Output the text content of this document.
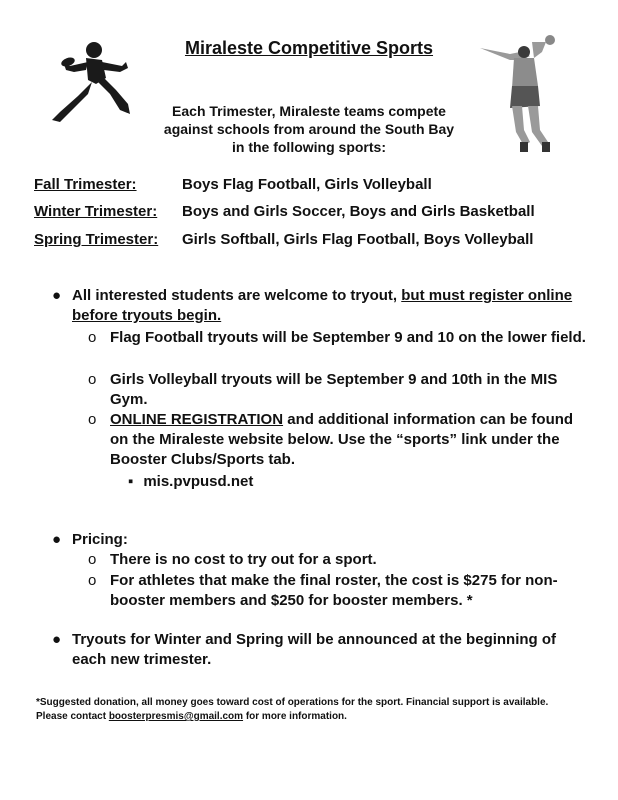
Miraleste Competitive Sports
Each Trimester, Miraleste teams compete
against schools from around the South Bay
in the following sports:
Fall Trimester:	Boys Flag Football, Girls Volleyball
Winter Trimester: Boys and Girls Soccer, Boys and Girls Basketball
Spring Trimester: Girls Softball, Girls Flag Football, Boys Volleyball
● All interested students are welcome to tryout, but must register online before tryouts begin.
o Flag Football tryouts will be September 9 and 10 on the lower field.
o Girls Volleyball tryouts will be September 9 and 10th in the MIS Gym.
o ONLINE REGISTRATION and additional information can be found on the Miraleste website below. Use the “sports” link under the Booster Clubs/Sports tab.
▪ mis.pvpusd.net
● Pricing:
o There is no cost to try out for a sport.
o For athletes that make the final roster, the cost is $275 for non-booster members and $250 for booster members. *
● Tryouts for Winter and Spring will be announced at the beginning of each new trimester.
*Suggested donation, all money goes toward cost of operations for the sport. Financial support is available.
Please contact boosterpresmis@gmail.com for more information.
